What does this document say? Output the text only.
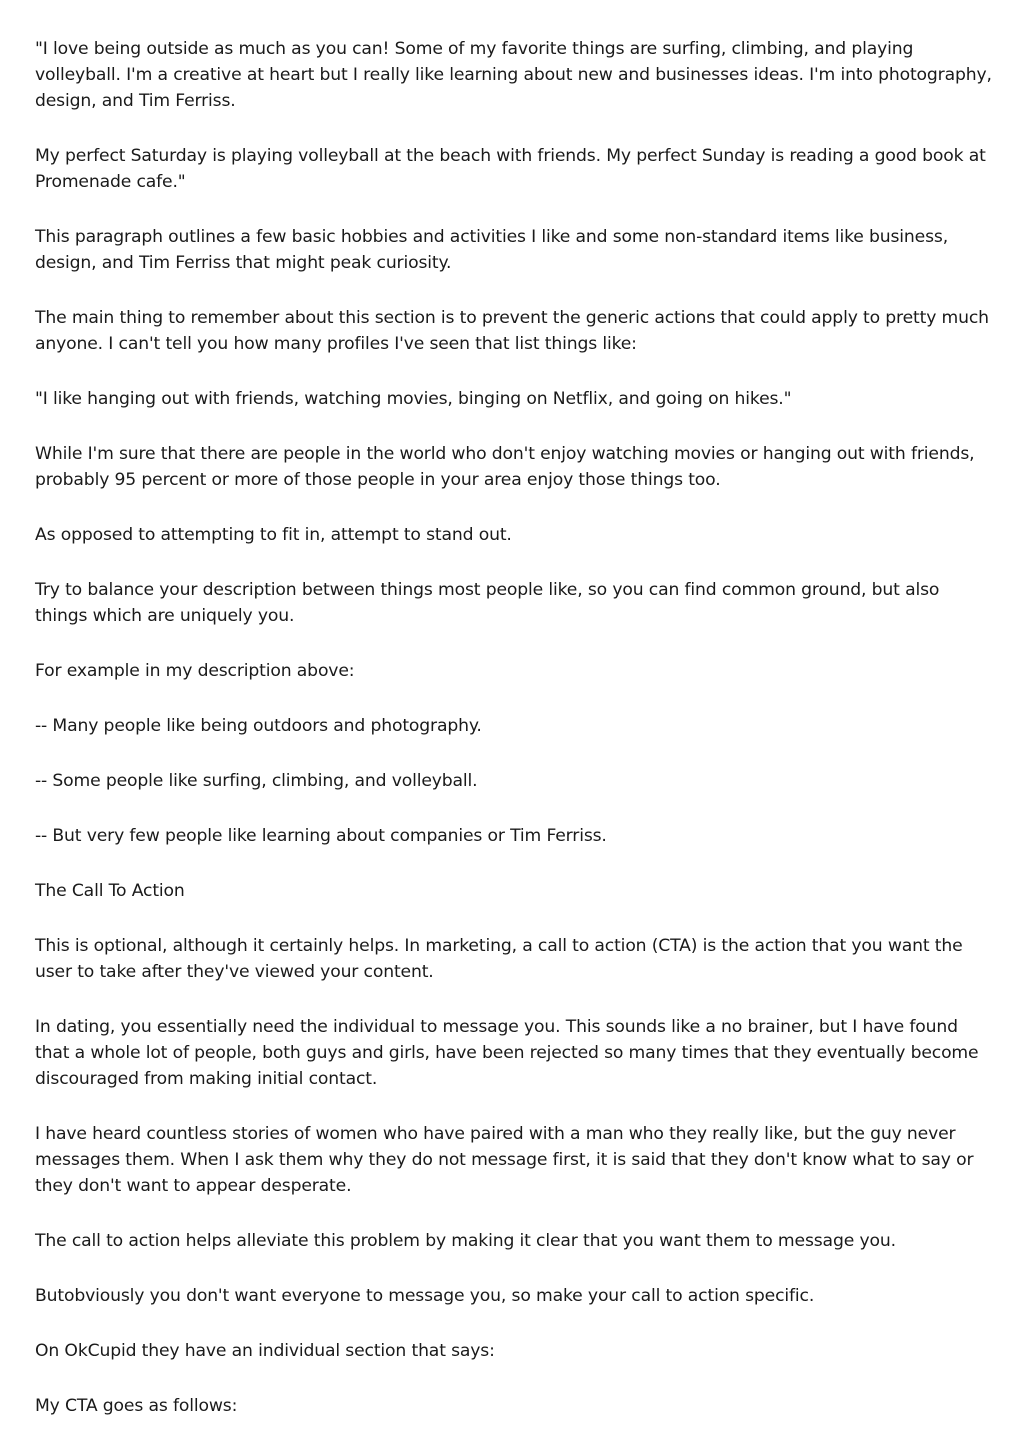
"I love being outside as much as you can! Some of my favorite things are surfing, climbing, and playing volleyball. I'm a creative at heart but I really like learning about new and businesses ideas. I'm into photography, design, and Tim Ferriss.

My perfect Saturday is playing volleyball at the beach with friends. My perfect Sunday is reading a good book at Promenade cafe."

This paragraph outlines a few basic hobbies and activities I like and some non-standard items like business, design, and Tim Ferriss that might peak curiosity.

The main thing to remember about this section is to prevent the generic actions that could apply to pretty much anyone. I can't tell you how many profiles I've seen that list things like:

"I like hanging out with friends, watching movies, binging on Netflix, and going on hikes."

While I'm sure that there are people in the world who don't enjoy watching movies or hanging out with friends, probably 95 percent or more of those people in your area enjoy those things too.

As opposed to attempting to fit in, attempt to stand out.

Try to balance your description between things most people like, so you can find common ground, but also things which are uniquely you.

For example in my description above:

-- Many people like being outdoors and photography.

-- Some people like surfing, climbing, and volleyball.

-- But very few people like learning about companies or Tim Ferriss.

The Call To Action

This is optional, although it certainly helps. In marketing, a call to action (CTA) is the action that you want the user to take after they've viewed your content.

In dating, you essentially need the individual to message you. This sounds like a no brainer, but I have found that a whole lot of people, both guys and girls, have been rejected so many times that they eventually become discouraged from making initial contact.

I have heard countless stories of women who have paired with a man who they really like, but the guy never messages them. When I ask them why they do not message first, it is said that they don't know what to say or they don't want to appear desperate.

The call to action helps alleviate this problem by making it clear that you want them to message you.

Butobviously you don't want everyone to message you, so make your call to action specific.

On OkCupid they have an individual section that says:

My CTA goes as follows:
